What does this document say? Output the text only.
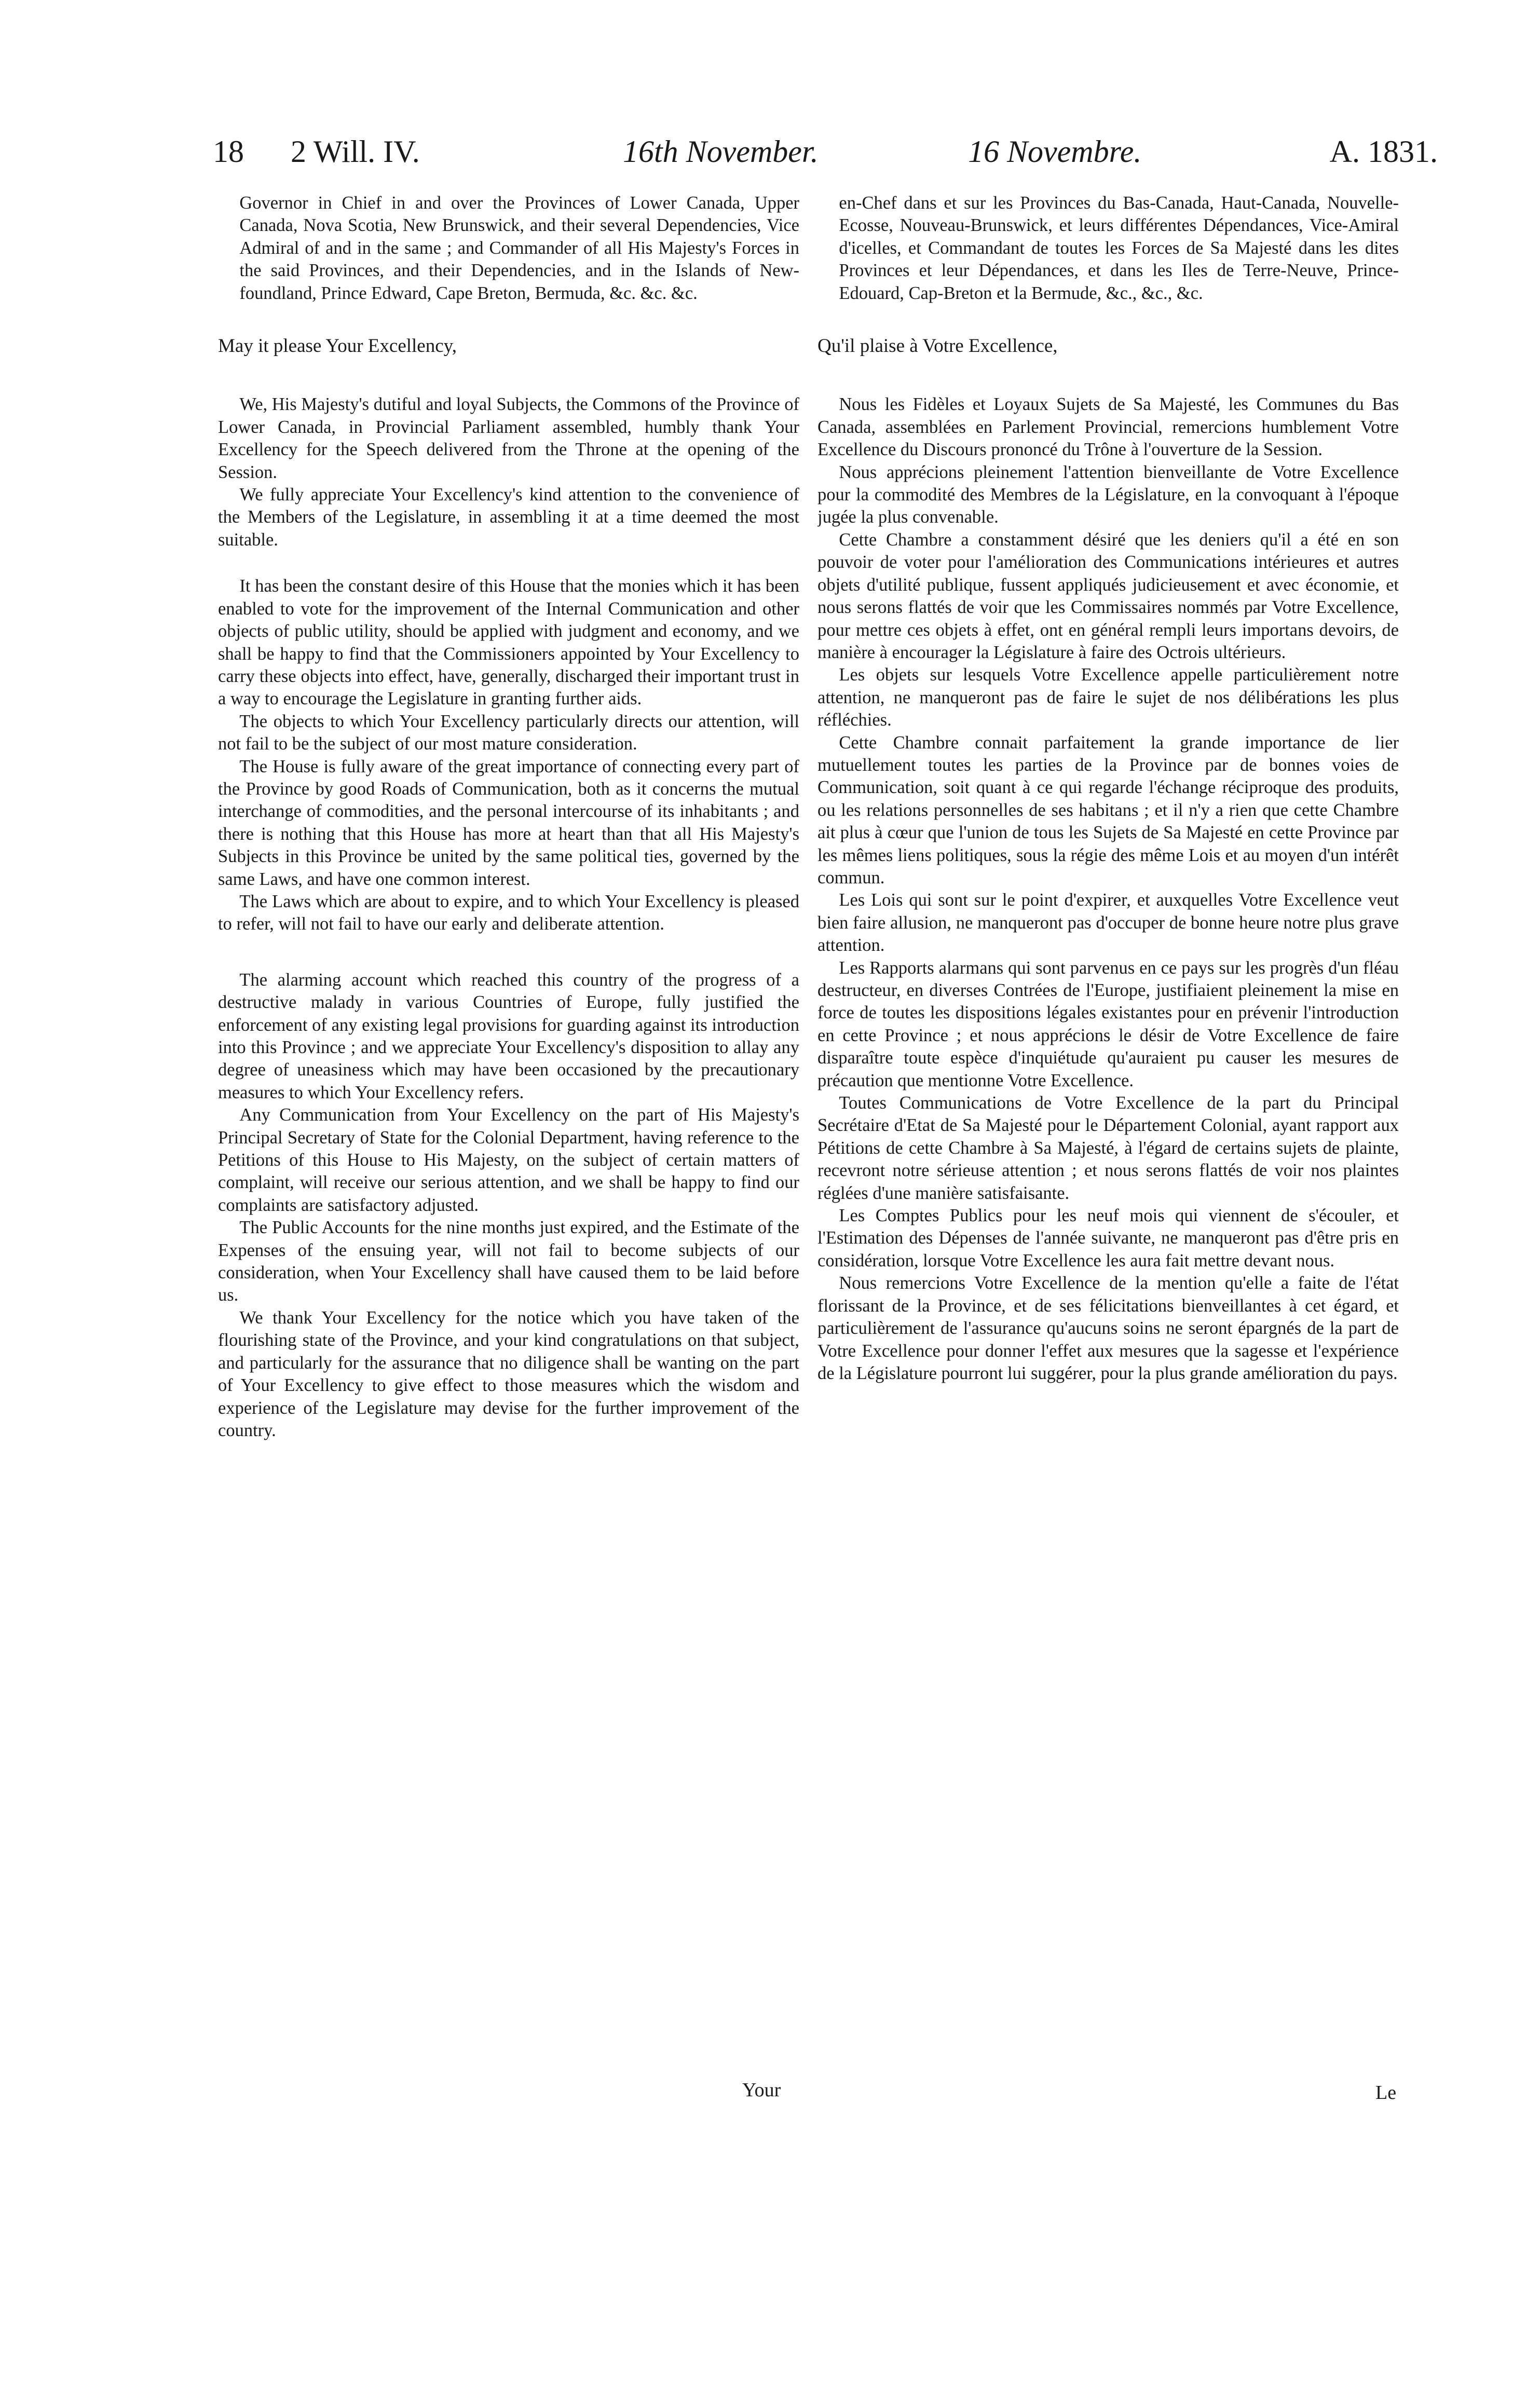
18 2 Will. IV.	16th November.	16 Novembre.	A. 1831.

Governor in Chief in and over the Provinces of Lower Canada, Upper Canada, Nova Scotia, New Brunswick, and their several Dependencies, Vice Admiral of and in the same ; and Commander of all His Majesty's Forces in the said Provinces, and their Dependencies, and in the Islands of New-foundland, Prince Edward, Cape Breton, Bermuda, &c. &c. &c.

May it please Your Excellency,

We, His Majesty's dutiful and loyal Subjects, the Commons of the Province of Lower Canada, in Provincial Parliament assembled, humbly thank Your Excellency for the Speech delivered from the Throne at the opening of the Session.

We fully appreciate Your Excellency's kind attention to the convenience of the Members of the Legislature, in assembling it at a time deemed the most suitable.

It has been the constant desire of this House that the monies which it has been enabled to vote for the improvement of the Internal Communication and other objects of public utility, should be applied with judgment and economy, and we shall be happy to find that the Commissioners appointed by Your Excellency to carry these objects into effect, have, generally, discharged their important trust in a way to encourage the Legislature in granting further aids.

The objects to which Your Excellency particularly directs our attention, will not fail to be the subject of our most mature consideration.

The House is fully aware of the great importance of connecting every part of the Province by good Roads of Communication, both as it concerns the mutual interchange of commodities, and the personal intercourse of its inhabitants ; and there is nothing that this House has more at heart than that all His Majesty's Subjects in this Province be united by the same political ties, governed by the same Laws, and have one common interest.

The Laws which are about to expire, and to which Your Excellency is pleased to refer, will not fail to have our early and deliberate attention.

The alarming account which reached this country of the progress of a destructive malady in various Countries of Europe, fully justified the enforcement of any existing legal provisions for guarding against its introduction into this Province ; and we appreciate Your Excellency's disposition to allay any degree of uneasiness which may have been occasioned by the precautionary measures to which Your Excellency refers.

Any Communication from Your Excellency on the part of His Majesty's Principal Secretary of State for the Colonial Department, having reference to the Petitions of this House to His Majesty, on the subject of certain matters of complaint, will receive our serious attention, and we shall be happy to find our complaints are satisfactory adjusted.

The Public Accounts for the nine months just expired, and the Estimate of the Expenses of the ensuing year, will not fail to become subjects of our consideration, when Your Excellency shall have caused them to be laid before us.

We thank Your Excellency for the notice which you have taken of the flourishing state of the Province, and your kind congratulations on that subject, and particularly for the assurance that no diligence shall be wanting on the part of Your Excellency to give effect to those measures which the wisdom and experience of the Legislature may devise for the further improvement of the country.

en-Chef dans et sur les Provinces du Bas-Canada, Haut-Canada, Nouvelle-Ecosse, Nouveau-Brunswick, et leurs différentes Dépendances, Vice-Amiral d'icelles, et Commandant de toutes les Forces de Sa Majesté dans les dites Provinces et leur Dépendances, et dans les Iles de Terre-Neuve, Prince-Edouard, Cap-Breton et la Bermude, &c., &c., &c.

Qu'il plaise à Votre Excellence,

Nous les Fidèles et Loyaux Sujets de Sa Majesté, les Communes du Bas Canada, assemblées en Parlement Provincial, remercions humblement Votre Excellence du Discours prononcé du Trône à l'ouverture de la Session.

Nous apprécions pleinement l'attention bienveillante de Votre Excellence pour la commodité des Membres de la Législature, en la convoquant à l'époque jugée la plus convenable.

Cette Chambre a constamment désiré que les deniers qu'il a été en son pouvoir de voter pour l'amélioration des Communications intérieures et autres objets d'utilité publique, fussent appliqués judicieusement et avec économie, et nous serons flattés de voir que les Commissaires nommés par Votre Excellence, pour mettre ces objets à effet, ont en général rempli leurs importans devoirs, de manière à encourager la Législature à faire des Octrois ultérieurs.

Les objets sur lesquels Votre Excellence appelle particulièrement notre attention, ne manqueront pas de faire le sujet de nos délibérations les plus réfléchies.

Cette Chambre connait parfaitement la grande importance de lier mutuellement toutes les parties de la Province par de bonnes voies de Communication, soit quant à ce qui regarde l'échange réciproque des produits, ou les relations personnelles de ses habitans ; et il n'y a rien que cette Chambre ait plus à cœur que l'union de tous les Sujets de Sa Majesté en cette Province par les mêmes liens politiques, sous la régie des même Lois et au moyen d'un intérêt commun.

Les Lois qui sont sur le point d'expirer, et auxquelles Votre Excellence veut bien faire allusion, ne manqueront pas d'occuper de bonne heure notre plus grave attention.

Les Rapports alarmans qui sont parvenus en ce pays sur les progrès d'un fléau destructeur, en diverses Contrées de l'Europe, justifiaient pleinement la mise en force de toutes les dispositions légales existantes pour en prévenir l'introduction en cette Province ; et nous apprécions le désir de Votre Excellence de faire disparaître toute espèce d'inquiétude qu'auraient pu causer les mesures de précaution que mentionne Votre Excellence.

Toutes Communications de Votre Excellence de la part du Principal Secrétaire d'Etat de Sa Majesté pour le Département Colonial, ayant rapport aux Pétitions de cette Chambre à Sa Majesté, à l'égard de certains sujets de plainte, recevront notre sérieuse attention ; et nous serons flattés de voir nos plaintes réglées d'une manière satisfaisante.

Les Comptes Publics pour les neuf mois qui viennent de s'écouler, et l'Estimation des Dépenses de l'année suivante, ne manqueront pas d'être pris en considération, lorsque Votre Excellence les aura fait mettre devant nous.

Nous remercions Votre Excellence de la mention qu'elle a faite de l'état florissant de la Province, et de ses félicitations bienveillantes à cet égard, et particulièrement de l'assurance qu'aucuns soins ne seront épargnés de la part de Votre Excellence pour donner l'effet aux mesures que la sagesse et l'expérience de la Législature pourront lui suggérer, pour la plus grande amélioration du pays.

Your	Le
